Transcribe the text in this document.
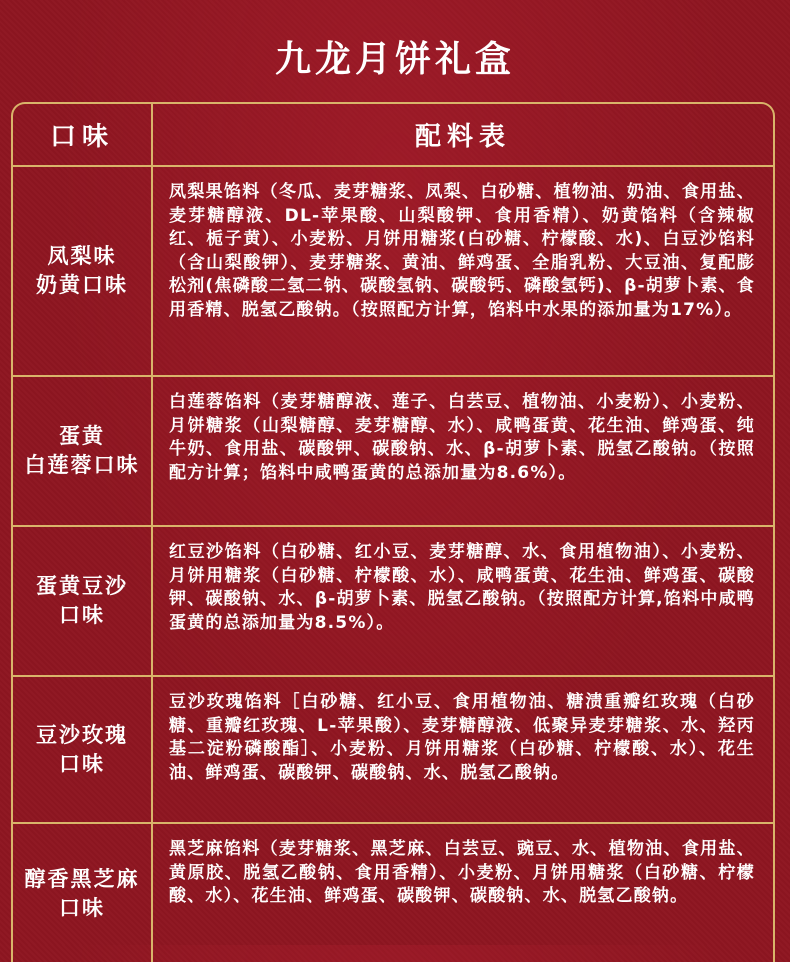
九龙月饼礼盒
口味	配料表
凤梨味
奶黄口味
凤梨果馅料（冬瓜、麦芽糖浆、凤梨、白砂糖、植物油、奶油、食用盐、麦芽糖醇液、DL-苹果酸、山梨酸钾、食用香精）、奶黄馅料（含辣椒红、栀子黄）、小麦粉、月饼用糖浆(白砂糖、柠檬酸、水)、白豆沙馅料（含山梨酸钾）、麦芽糖浆、黄油、鲜鸡蛋、全脂乳粉、大豆油、复配膨松剂(焦磷酸二氢二钠、碳酸氢钠、碳酸钙、磷酸氢钙)、β-胡萝卜素、食用香精、脱氢乙酸钠。（按照配方计算，馅料中水果的添加量为17%）。
蛋黄
白莲蓉口味
白莲蓉馅料（麦芽糖醇液、莲子、白芸豆、植物油、小麦粉）、小麦粉、月饼糖浆（山梨糖醇、麦芽糖醇、水）、咸鸭蛋黄、花生油、鲜鸡蛋、纯牛奶、食用盐、碳酸钾、碳酸钠、水、β-胡萝卜素、脱氢乙酸钠。（按照配方计算；馅料中咸鸭蛋黄的总添加量为8.6%）。
蛋黄豆沙
口味
红豆沙馅料（白砂糖、红小豆、麦芽糖醇、水、食用植物油）、小麦粉、月饼用糖浆（白砂糖、柠檬酸、水）、咸鸭蛋黄、花生油、鲜鸡蛋、碳酸钾、碳酸钠、水、β-胡萝卜素、脱氢乙酸钠。（按照配方计算,馅料中咸鸭蛋黄的总添加量为8.5%）。
豆沙玫瑰
口味
豆沙玫瑰馅料［白砂糖、红小豆、食用植物油、糖渍重瓣红玫瑰（白砂糖、重瓣红玫瑰、L-苹果酸）、麦芽糖醇液、低聚异麦芽糖浆、水、羟丙基二淀粉磷酸酯］、小麦粉、月饼用糖浆（白砂糖、柠檬酸、水）、花生油、鲜鸡蛋、碳酸钾、碳酸钠、水、脱氢乙酸钠。
醇香黑芝麻
口味
黑芝麻馅料（麦芽糖浆、黑芝麻、白芸豆、豌豆、水、植物油、食用盐、黄原胶、脱氢乙酸钠、食用香精）、小麦粉、月饼用糖浆（白砂糖、柠檬酸、水）、花生油、鲜鸡蛋、碳酸钾、碳酸钠、水、脱氢乙酸钠。
